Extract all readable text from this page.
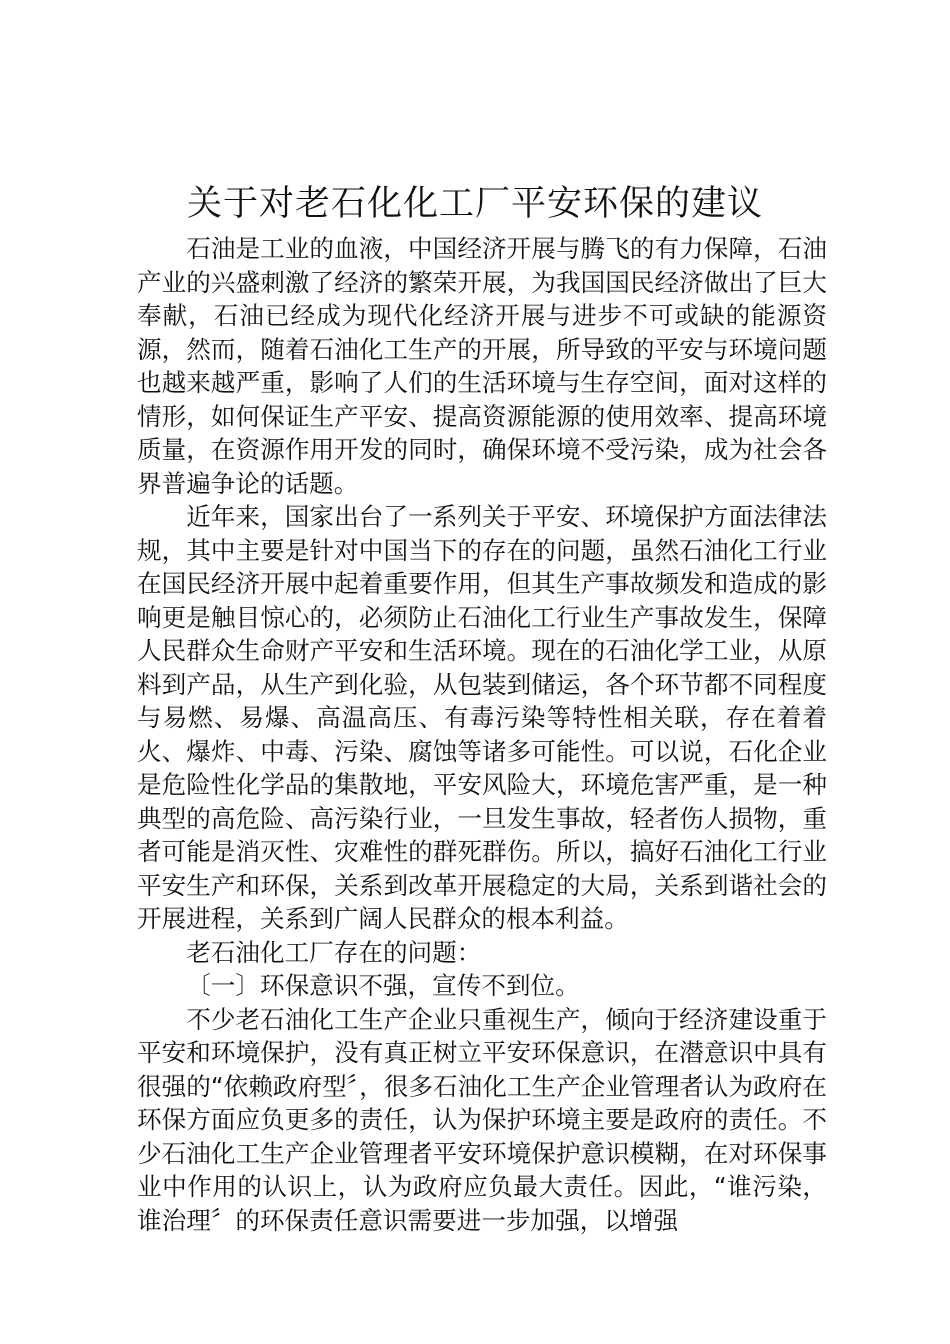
关于对老石化化工厂平安环保的建议

石油是工业的血液，中国经济开展与腾飞的有力保障，石油产业的兴盛刺激了经济的繁荣开展，为我国国民经济做出了巨大奉献，石油已经成为现代化经济开展与进步不可或缺的能源资源，然而，随着石油化工生产的开展，所导致的平安与环境问题也越来越严重，影响了人们的生活环境与生存空间，面对这样的情形，如何保证生产平安、提高资源能源的使用效率、提高环境质量，在资源作用开发的同时，确保环境不受污染，成为社会各界普遍争论的话题。

近年来，国家出台了一系列关于平安、环境保护方面法律法规，其中主要是针对中国当下的存在的问题，虽然石油化工行业在国民经济开展中起着重要作用，但其生产事故频发和造成的影响更是触目惊心的，必须防止石油化工行业生产事故发生，保障人民群众生命财产平安和生活环境。现在的石油化学工业，从原料到产品，从生产到化验，从包装到储运，各个环节都不同程度与易燃、易爆、高温高压、有毒污染等特性相关联，存在着着火、爆炸、中毒、污染、腐蚀等诸多可能性。可以说，石化企业是危险性化学品的集散地，平安风险大，环境危害严重，是一种典型的高危险、高污染行业，一旦发生事故，轻者伤人损物，重者可能是消灭性、灾难性的群死群伤。所以，搞好石油化工行业平安生产和环保，关系到改革开展稳定的大局，关系到谐社会的开展进程，关系到广阔人民群众的根本利益。

老石油化工厂存在的问题：

〔一〕环保意识不强，宣传不到位。

不少老石油化工生产企业只重视生产，倾向于经济建设重于平安和环境保护，没有真正树立平安环保意识，在潜意识中具有很强的“依赖政府型〞，很多石油化工生产企业管理者认为政府在环保方面应负更多的责任，认为保护环境主要是政府的责任。不少石油化工生产企业管理者平安环境保护意识模糊，在对环保事业中作用的认识上，认为政府应负最大责任。因此，“谁污染，谁治理〞的环保责任意识需要进一步加强，以增强
